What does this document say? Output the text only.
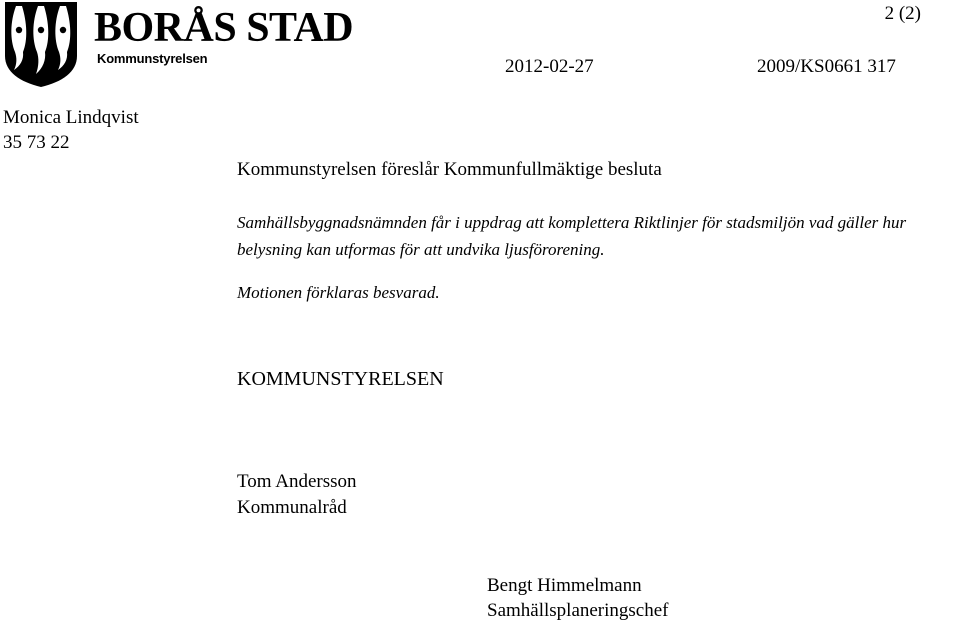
BORÅS STAD
Kommunstyrelsen
2 (2)
2012-02-27	2009/KS0661 317
Monica Lindqvist
35 73 22
Kommunstyrelsen föreslår Kommunfullmäktige besluta

Samhällsbyggnadsnämnden får i uppdrag att komplettera Riktlinjer för stadsmiljön vad gäller hur belysning kan utformas för att undvika ljusförorening.

Motionen förklaras besvarad.

KOMMUNSTYRELSEN
Tom Andersson
Kommunalråd
Bengt Himmelmann
Samhällsplaneringschef
